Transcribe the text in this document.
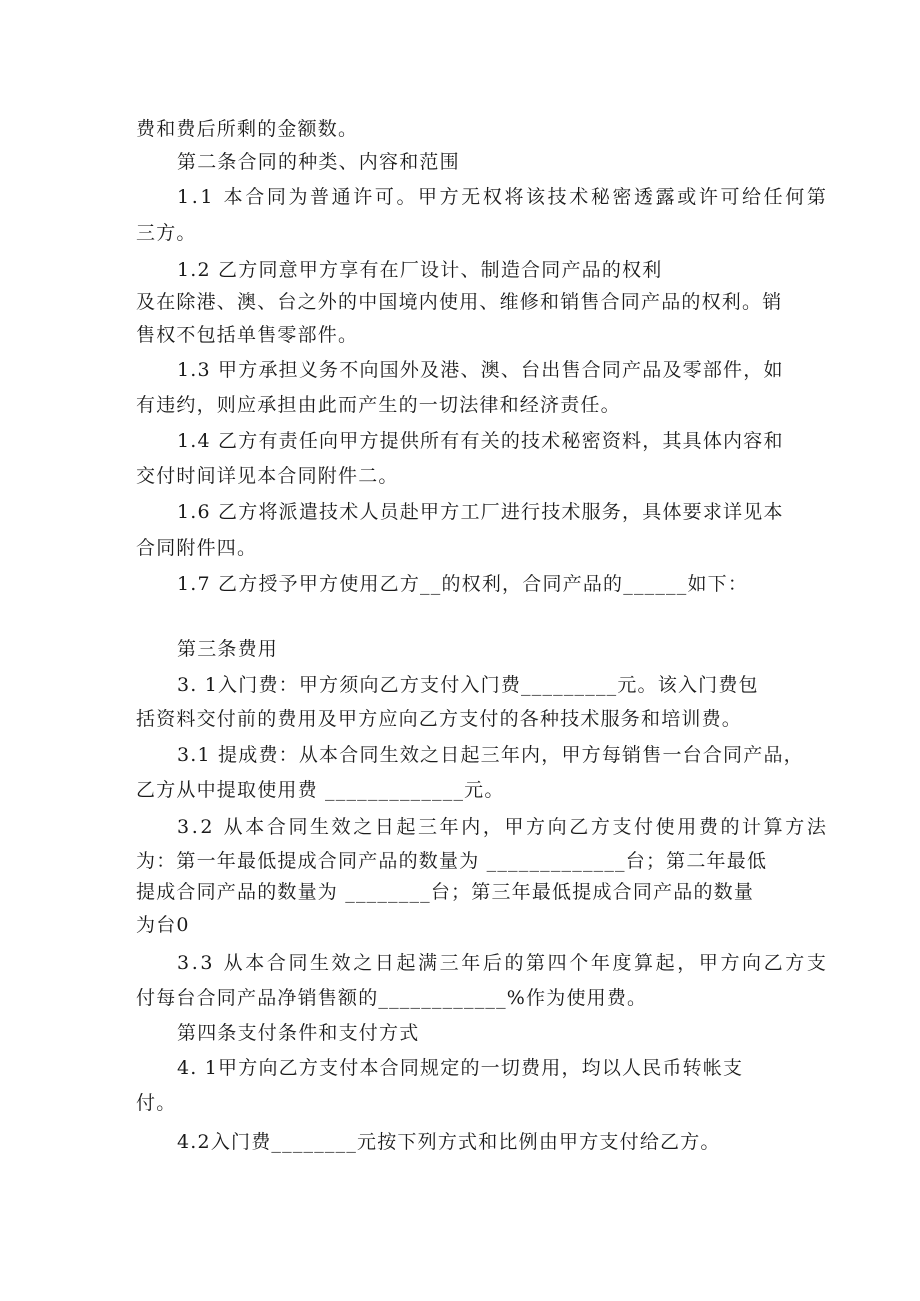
费和费后所剩的金额数。
第二条合同的种类、内容和范围
1.1 本合同为普通许可。甲方无权将该技术秘密透露或许可给任何第
三方。
1.2 乙方同意甲方享有在厂设计、制造合同产品的权利
及在除港、澳、台之外的中国境内使用、维修和销售合同产品的权利。销
售权不包括单售零部件。
1.3 甲方承担义务不向国外及港、澳、台出售合同产品及零部件，如
有违约，则应承担由此而产生的一切法律和经济责任。
1.4 乙方有责任向甲方提供所有有关的技术秘密资料，其具体内容和
交付时间详见本合同附件二。
1.6 乙方将派遣技术人员赴甲方工厂进行技术服务，具体要求详见本
合同附件四。
1.7 乙方授予甲方使用乙方__的权利，合同产品的______如下：
第三条费用
3. 1入门费：甲方须向乙方支付入门费_________元。该入门费包
括资料交付前的费用及甲方应向乙方支付的各种技术服务和培训费。
3.1 提成费：从本合同生效之日起三年内，甲方每销售一台合同产品，
乙方从中提取使用费 _____________元。
3.2 从本合同生效之日起三年内，甲方向乙方支付使用费的计算方法
为：第一年最低提成合同产品的数量为 _____________台；第二年最低
提成合同产品的数量为 ________台；第三年最低提成合同产品的数量
为台0
3.3 从本合同生效之日起满三年后的第四个年度算起，甲方向乙方支
付每台合同产品净销售额的____________%作为使用费。
第四条支付条件和支付方式
4. 1甲方向乙方支付本合同规定的一切费用，均以人民币转帐支
付。
4.2入门费________元按下列方式和比例由甲方支付给乙方。
